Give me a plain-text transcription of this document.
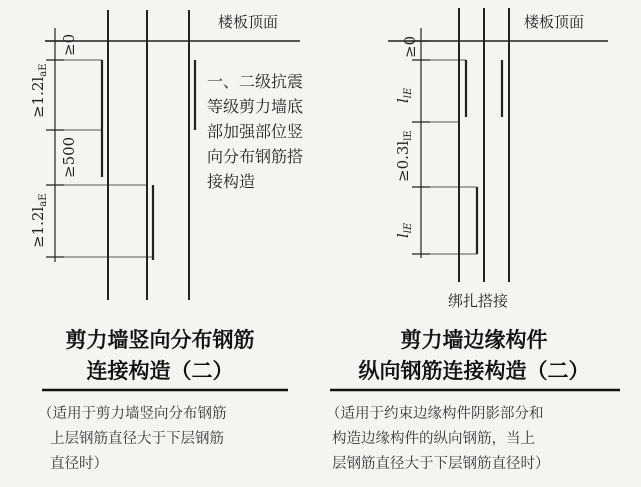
楼板顶面
≥0
$\ge 1.2l_{aE}$
≥500
$\ge 1.2l_{aE}$
一、二级抗震
等级剪力墙底
部加强部位竖
向分布钢筋搭
接构造
剪力墙竖向分布钢筋
连接构造（二）
（适用于剪力墙竖向分布钢筋
上层钢筋直径大于下层钢筋
直径时）
楼板顶面
≥0
$l_{lE}$
$\ge 0.3l_{lE}$
$l_{lE}$
绑扎搭接
剪力墙边缘构件
纵向钢筋连接构造（二）
（适用于约束边缘构件阴影部分和
构造边缘构件的纵向钢筋，当上
层钢筋直径大于下层钢筋直径时）
